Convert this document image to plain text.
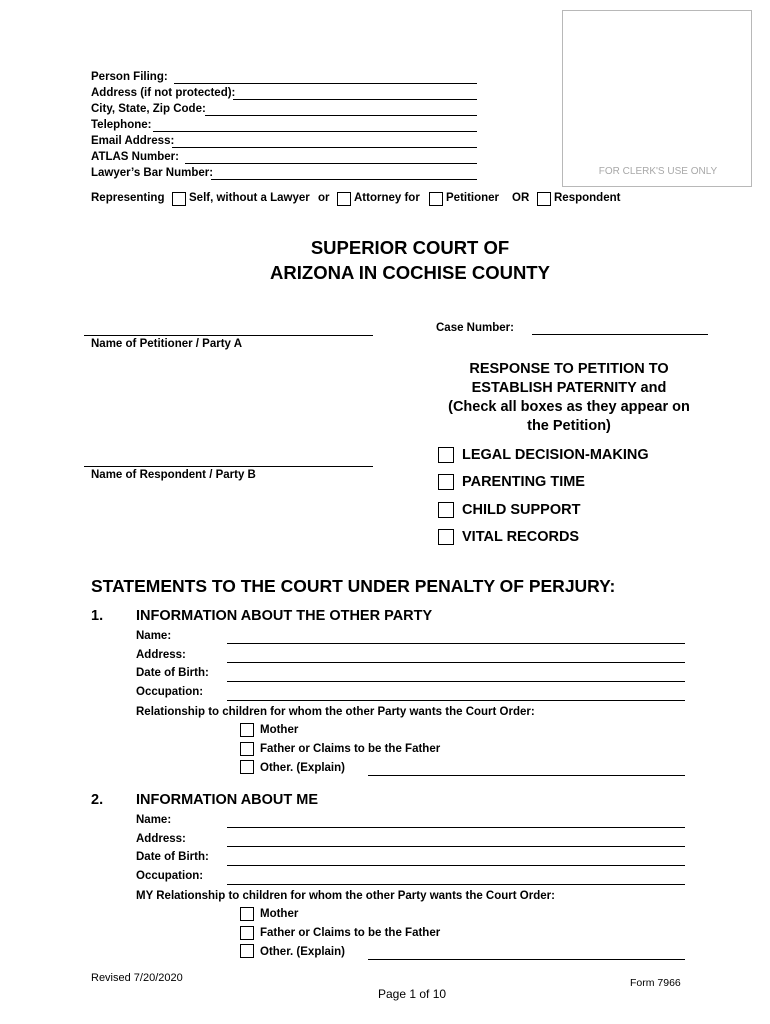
FOR CLERK'S USE ONLY
Person Filing:
Address (if not protected):
City, State, Zip Code:
Telephone:
Email Address:
ATLAS Number:
Lawyer’s Bar Number:
Representing Self, without a Lawyer or Attorney for Petitioner OR Respondent
SUPERIOR COURT OF
ARIZONA IN COCHISE COUNTY
Name of Petitioner / Party A
Case Number:
Name of Respondent / Party B
RESPONSE TO PETITION TO
ESTABLISH PATERNITY and
(Check all boxes as they appear on
the Petition)
LEGAL DECISION-MAKING
PARENTING TIME
CHILD SUPPORT
VITAL RECORDS
STATEMENTS TO THE COURT UNDER PENALTY OF PERJURY:
1. INFORMATION ABOUT THE OTHER PARTY
Name:
Address:
Date of Birth:
Occupation:
Relationship to children for whom the other Party wants the Court Order:
Mother
Father or Claims to be the Father
Other. (Explain)
2. INFORMATION ABOUT ME
Name:
Address:
Date of Birth:
Occupation:
MY Relationship to children for whom the other Party wants the Court Order:
Mother
Father or Claims to be the Father
Other. (Explain)
Revised 7/20/2020
Page 1 of 10
Form 7966
